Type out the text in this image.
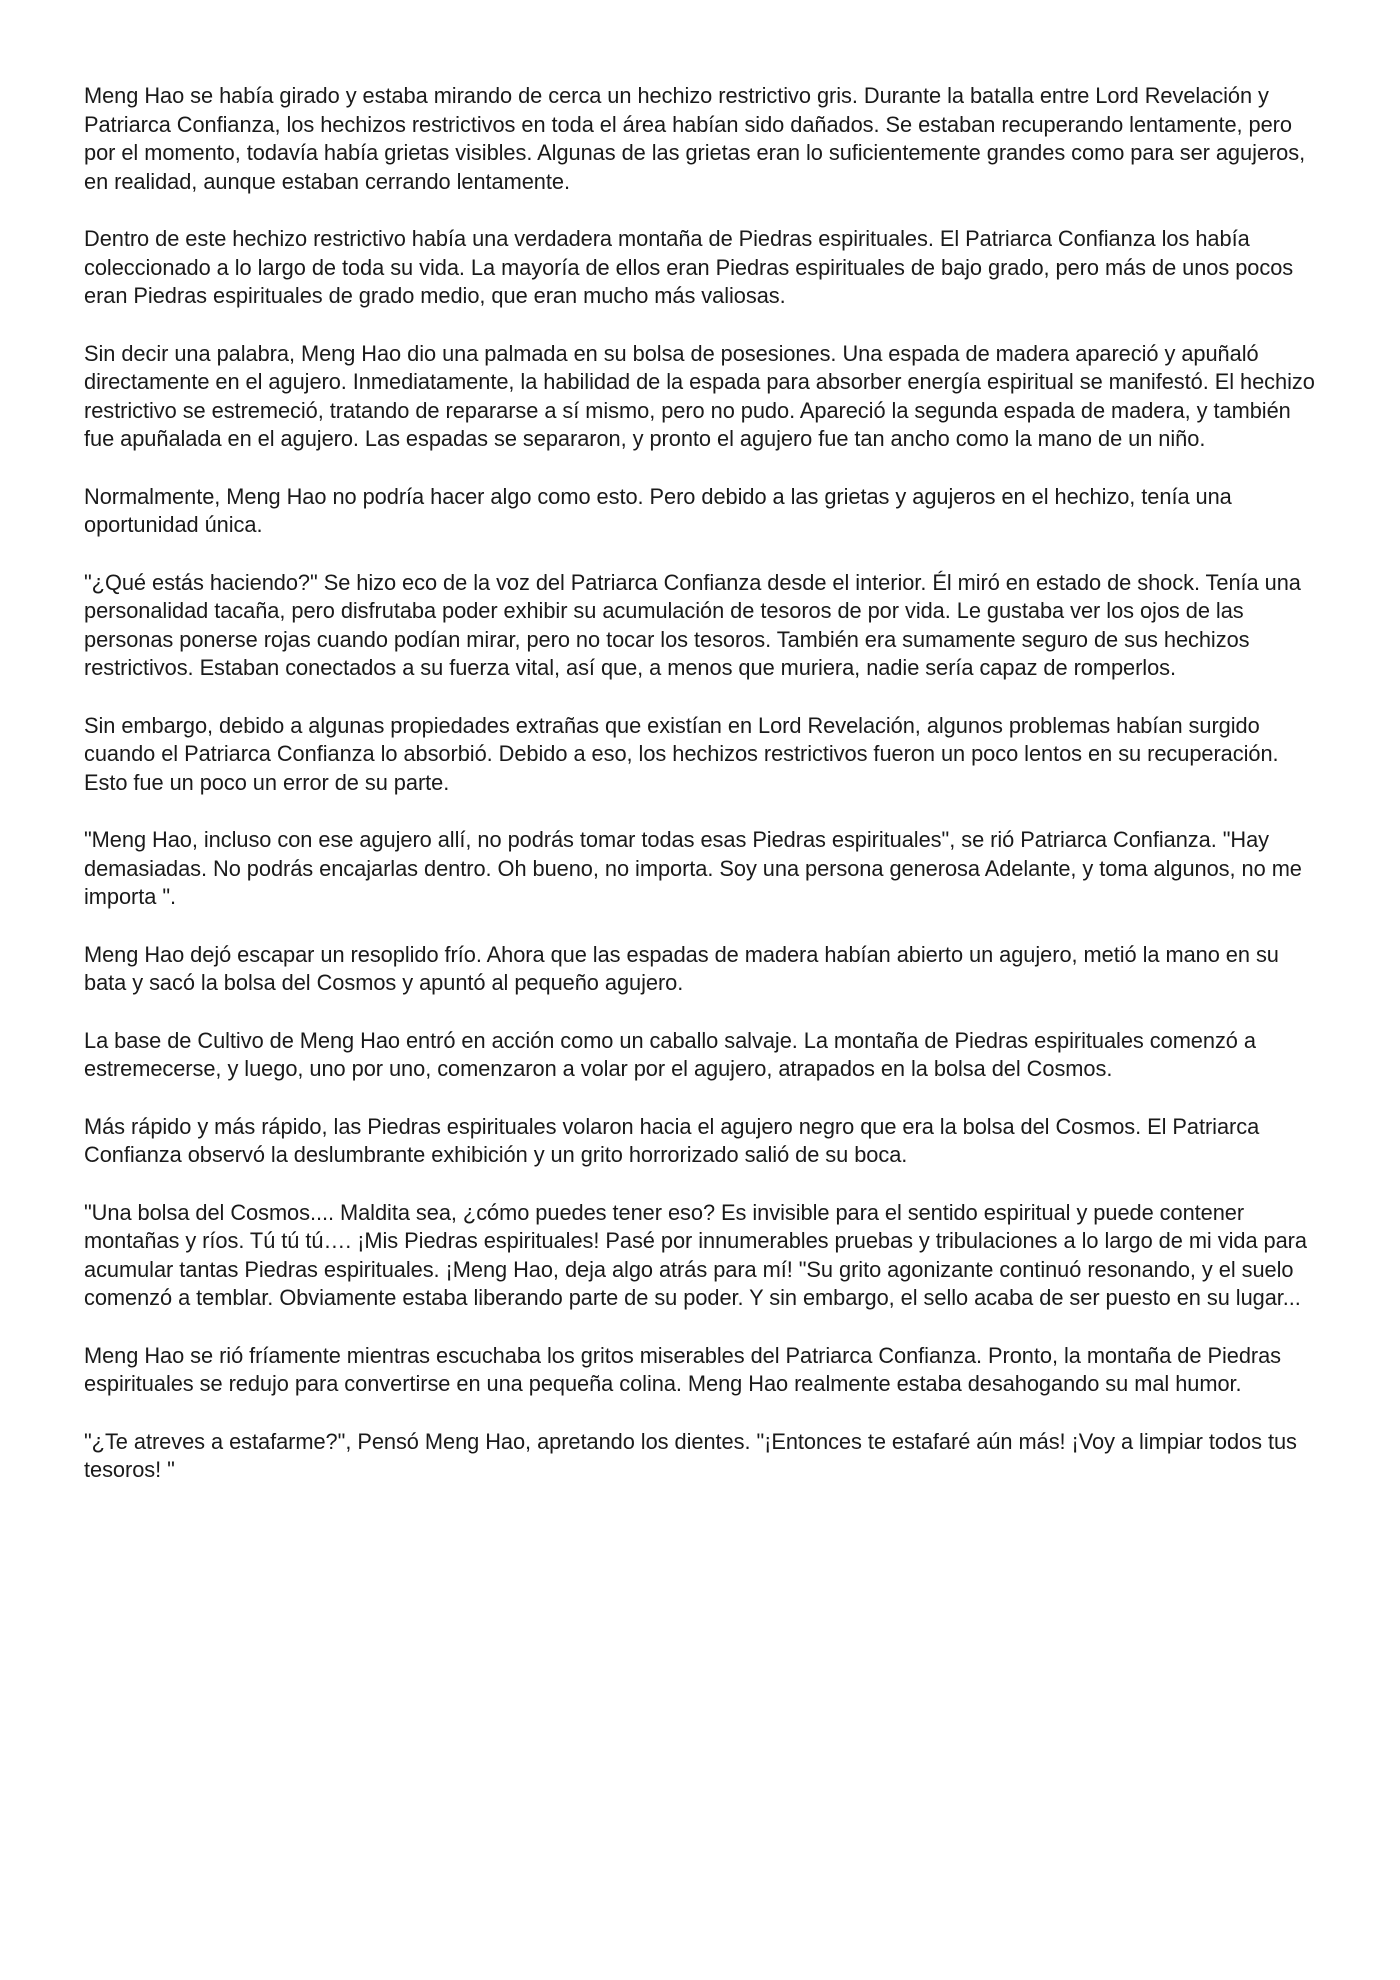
Meng Hao se había girado y estaba mirando de cerca un hechizo restrictivo gris. Durante la batalla entre Lord Revelación y Patriarca Confianza, los hechizos restrictivos en toda el área habían sido dañados. Se estaban recuperando lentamente, pero por el momento, todavía había grietas visibles. Algunas de las grietas eran lo suficientemente grandes como para ser agujeros, en realidad, aunque estaban cerrando lentamente.

Dentro de este hechizo restrictivo había una verdadera montaña de Piedras espirituales. El Patriarca Confianza los había coleccionado a lo largo de toda su vida. La mayoría de ellos eran Piedras espirituales de bajo grado, pero más de unos pocos eran Piedras espirituales de grado medio, que eran mucho más valiosas.

Sin decir una palabra, Meng Hao dio una palmada en su bolsa de posesiones. Una espada de madera apareció y apuñaló directamente en el agujero. Inmediatamente, la habilidad de la espada para absorber energía espiritual se manifestó. El hechizo restrictivo se estremeció, tratando de repararse a sí mismo, pero no pudo. Apareció la segunda espada de madera, y también fue apuñalada en el agujero. Las espadas se separaron, y pronto el agujero fue tan ancho como la mano de un niño.

Normalmente, Meng Hao no podría hacer algo como esto. Pero debido a las grietas y agujeros en el hechizo, tenía una oportunidad única.

"¿Qué estás haciendo?" Se hizo eco de la voz del Patriarca Confianza desde el interior. Él miró en estado de shock. Tenía una personalidad tacaña, pero disfrutaba poder exhibir su acumulación de tesoros de por vida. Le gustaba ver los ojos de las personas ponerse rojas cuando podían mirar, pero no tocar los tesoros. También era sumamente seguro de sus hechizos restrictivos. Estaban conectados a su fuerza vital, así que, a menos que muriera, nadie sería capaz de romperlos.

Sin embargo, debido a algunas propiedades extrañas que existían en Lord Revelación, algunos problemas habían surgido cuando el Patriarca Confianza lo absorbió. Debido a eso, los hechizos restrictivos fueron un poco lentos en su recuperación. Esto fue un poco un error de su parte.

"Meng Hao, incluso con ese agujero allí, no podrás tomar todas esas Piedras espirituales", se rió Patriarca Confianza. "Hay demasiadas. No podrás encajarlas dentro. Oh bueno, no importa. Soy una persona generosa Adelante, y toma algunos, no me importa ".

Meng Hao dejó escapar un resoplido frío. Ahora que las espadas de madera habían abierto un agujero, metió la mano en su bata y sacó la bolsa del Cosmos y apuntó al pequeño agujero.

La base de Cultivo de Meng Hao entró en acción como un caballo salvaje. La montaña de Piedras espirituales comenzó a estremecerse, y luego, uno por uno, comenzaron a volar por el agujero, atrapados en la bolsa del Cosmos.

Más rápido y más rápido, las Piedras espirituales volaron hacia el agujero negro que era la bolsa del Cosmos. El Patriarca Confianza observó la deslumbrante exhibición y un grito horrorizado salió de su boca.

"Una bolsa del Cosmos.... Maldita sea, ¿cómo puedes tener eso? Es invisible para el sentido espiritual y puede contener montañas y ríos. Tú tú tú…. ¡Mis Piedras espirituales! Pasé por innumerables pruebas y tribulaciones a lo largo de mi vida para acumular tantas Piedras espirituales. ¡Meng Hao, deja algo atrás para mí! "Su grito agonizante continuó resonando, y el suelo comenzó a temblar. Obviamente estaba liberando parte de su poder. Y sin embargo, el sello acaba de ser puesto en su lugar...

Meng Hao se rió fríamente mientras escuchaba los gritos miserables del Patriarca Confianza. Pronto, la montaña de Piedras espirituales se redujo para convertirse en una pequeña colina. Meng Hao realmente estaba desahogando su mal humor.

"¿Te atreves a estafarme?", Pensó Meng Hao, apretando los dientes. "¡Entonces te estafaré aún más! ¡Voy a limpiar todos tus tesoros! "
